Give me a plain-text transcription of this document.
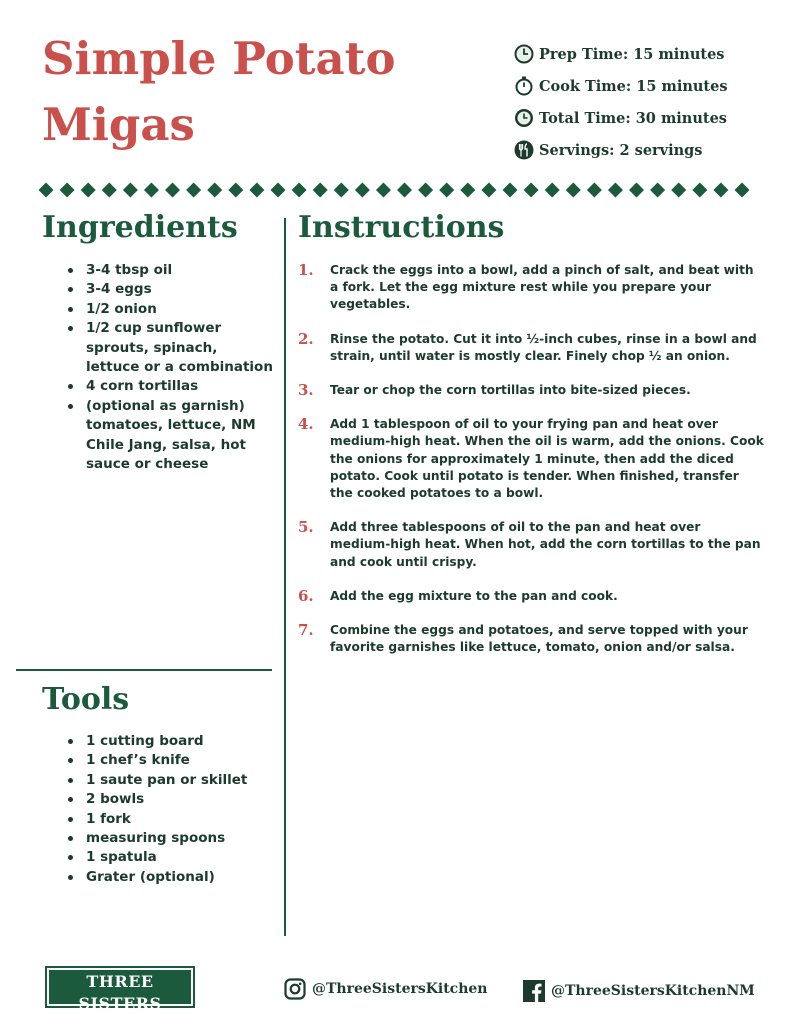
Simple Potato Migas
Prep Time: 15 minutes
Cook Time: 15 minutes
Total Time: 30 minutes
Servings: 2 servings
Ingredients
3-4 tbsp oil
3-4 eggs
1/2 onion
1/2 cup sunflower sprouts, spinach, lettuce or a combination
4 corn tortillas
(optional as garnish) tomatoes, lettuce, NM Chile Jang, salsa, hot sauce or cheese
Tools
1 cutting board
1 chef’s knife
1 saute pan or skillet
2 bowls
1 fork
measuring spoons
1 spatula
Grater (optional)
Instructions
1. Crack the eggs into a bowl, add a pinch of salt, and beat with a fork. Let the egg mixture rest while you prepare your vegetables.
2. Rinse the potato. Cut it into ½-inch cubes, rinse in a bowl and strain, until water is mostly clear. Finely chop ½ an onion.
3. Tear or chop the corn tortillas into bite-sized pieces.
4. Add 1 tablespoon of oil to your frying pan and heat over medium-high heat. When the oil is warm, add the onions. Cook the onions for approximately 1 minute, then add the diced potato. Cook until potato is tender. When finished, transfer the cooked potatoes to a bowl.
5. Add three tablespoons of oil to the pan and heat over medium-high heat. When hot, add the corn tortillas to the pan and cook until crispy.
6. Add the egg mixture to the pan and cook.
7. Combine the eggs and potatoes, and serve topped with your favorite garnishes like lettuce, tomato, onion and/or salsa.
THREE SISTERS
KITCHEN
@ThreeSistersKitchen	@ThreeSistersKitchenNM
